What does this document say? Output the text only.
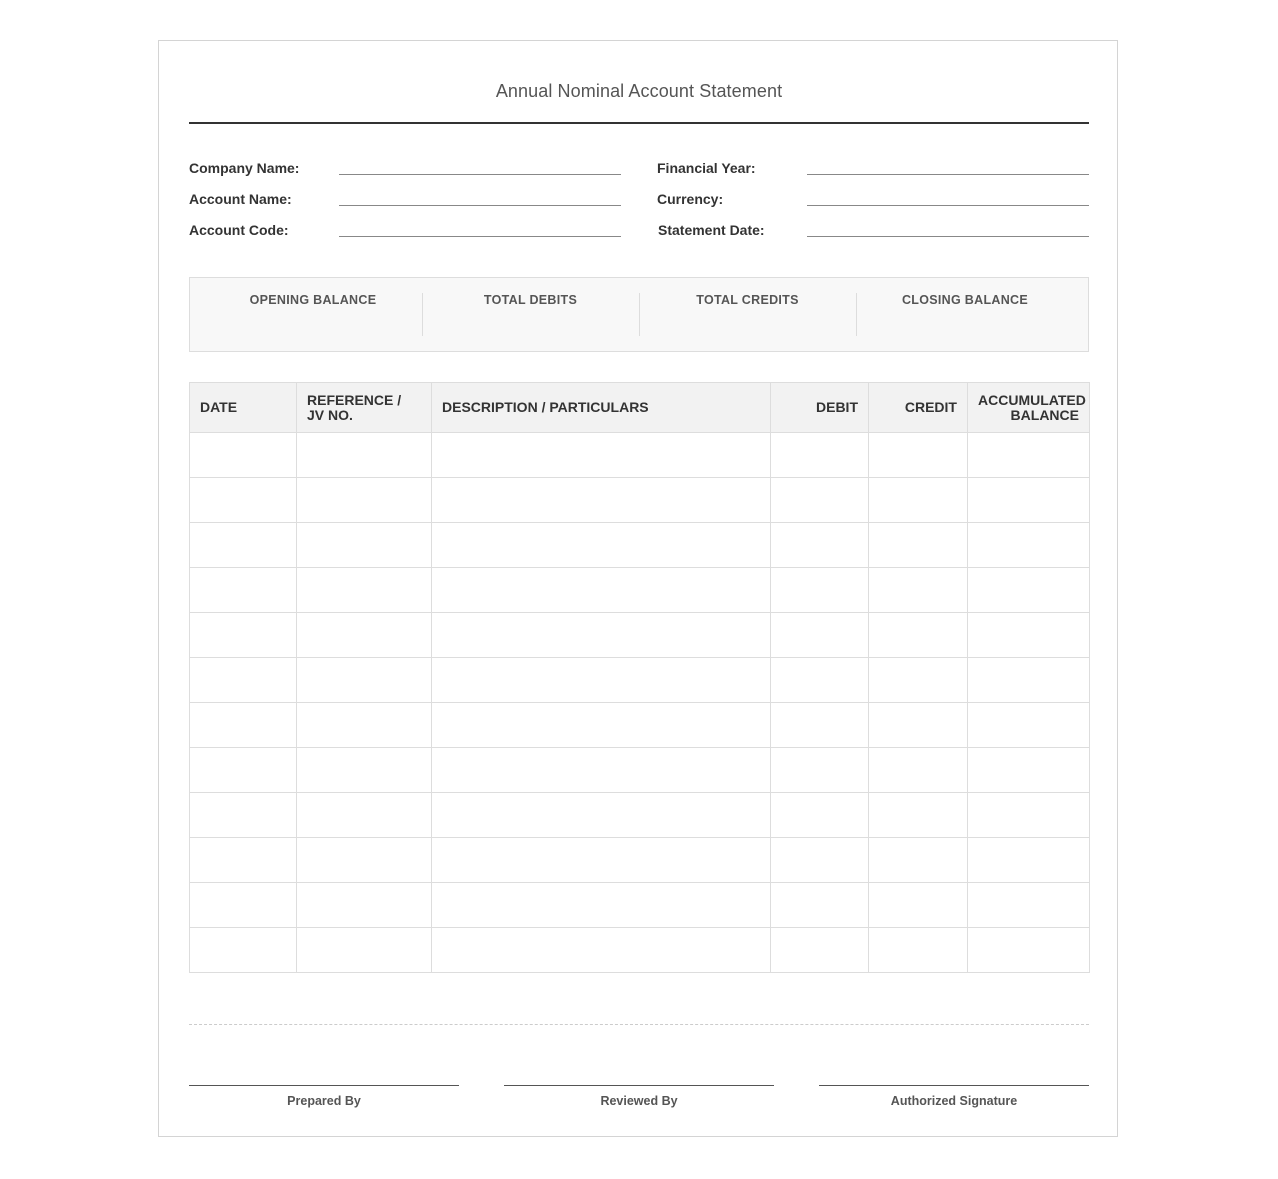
Annual Nominal Account Statement
Company Name:
Account Name:
Account Code:
Financial Year:
Currency:
Statement Date:
OPENING BALANCE	TOTAL DEBITS	TOTAL CREDITS	CLOSING BALANCE
DATE	REFERENCE / JV NO.	DESCRIPTION / PARTICULARS	DEBIT	CREDIT	ACCUMULATED BALANCE

Prepared By	Reviewed By	Authorized Signature
